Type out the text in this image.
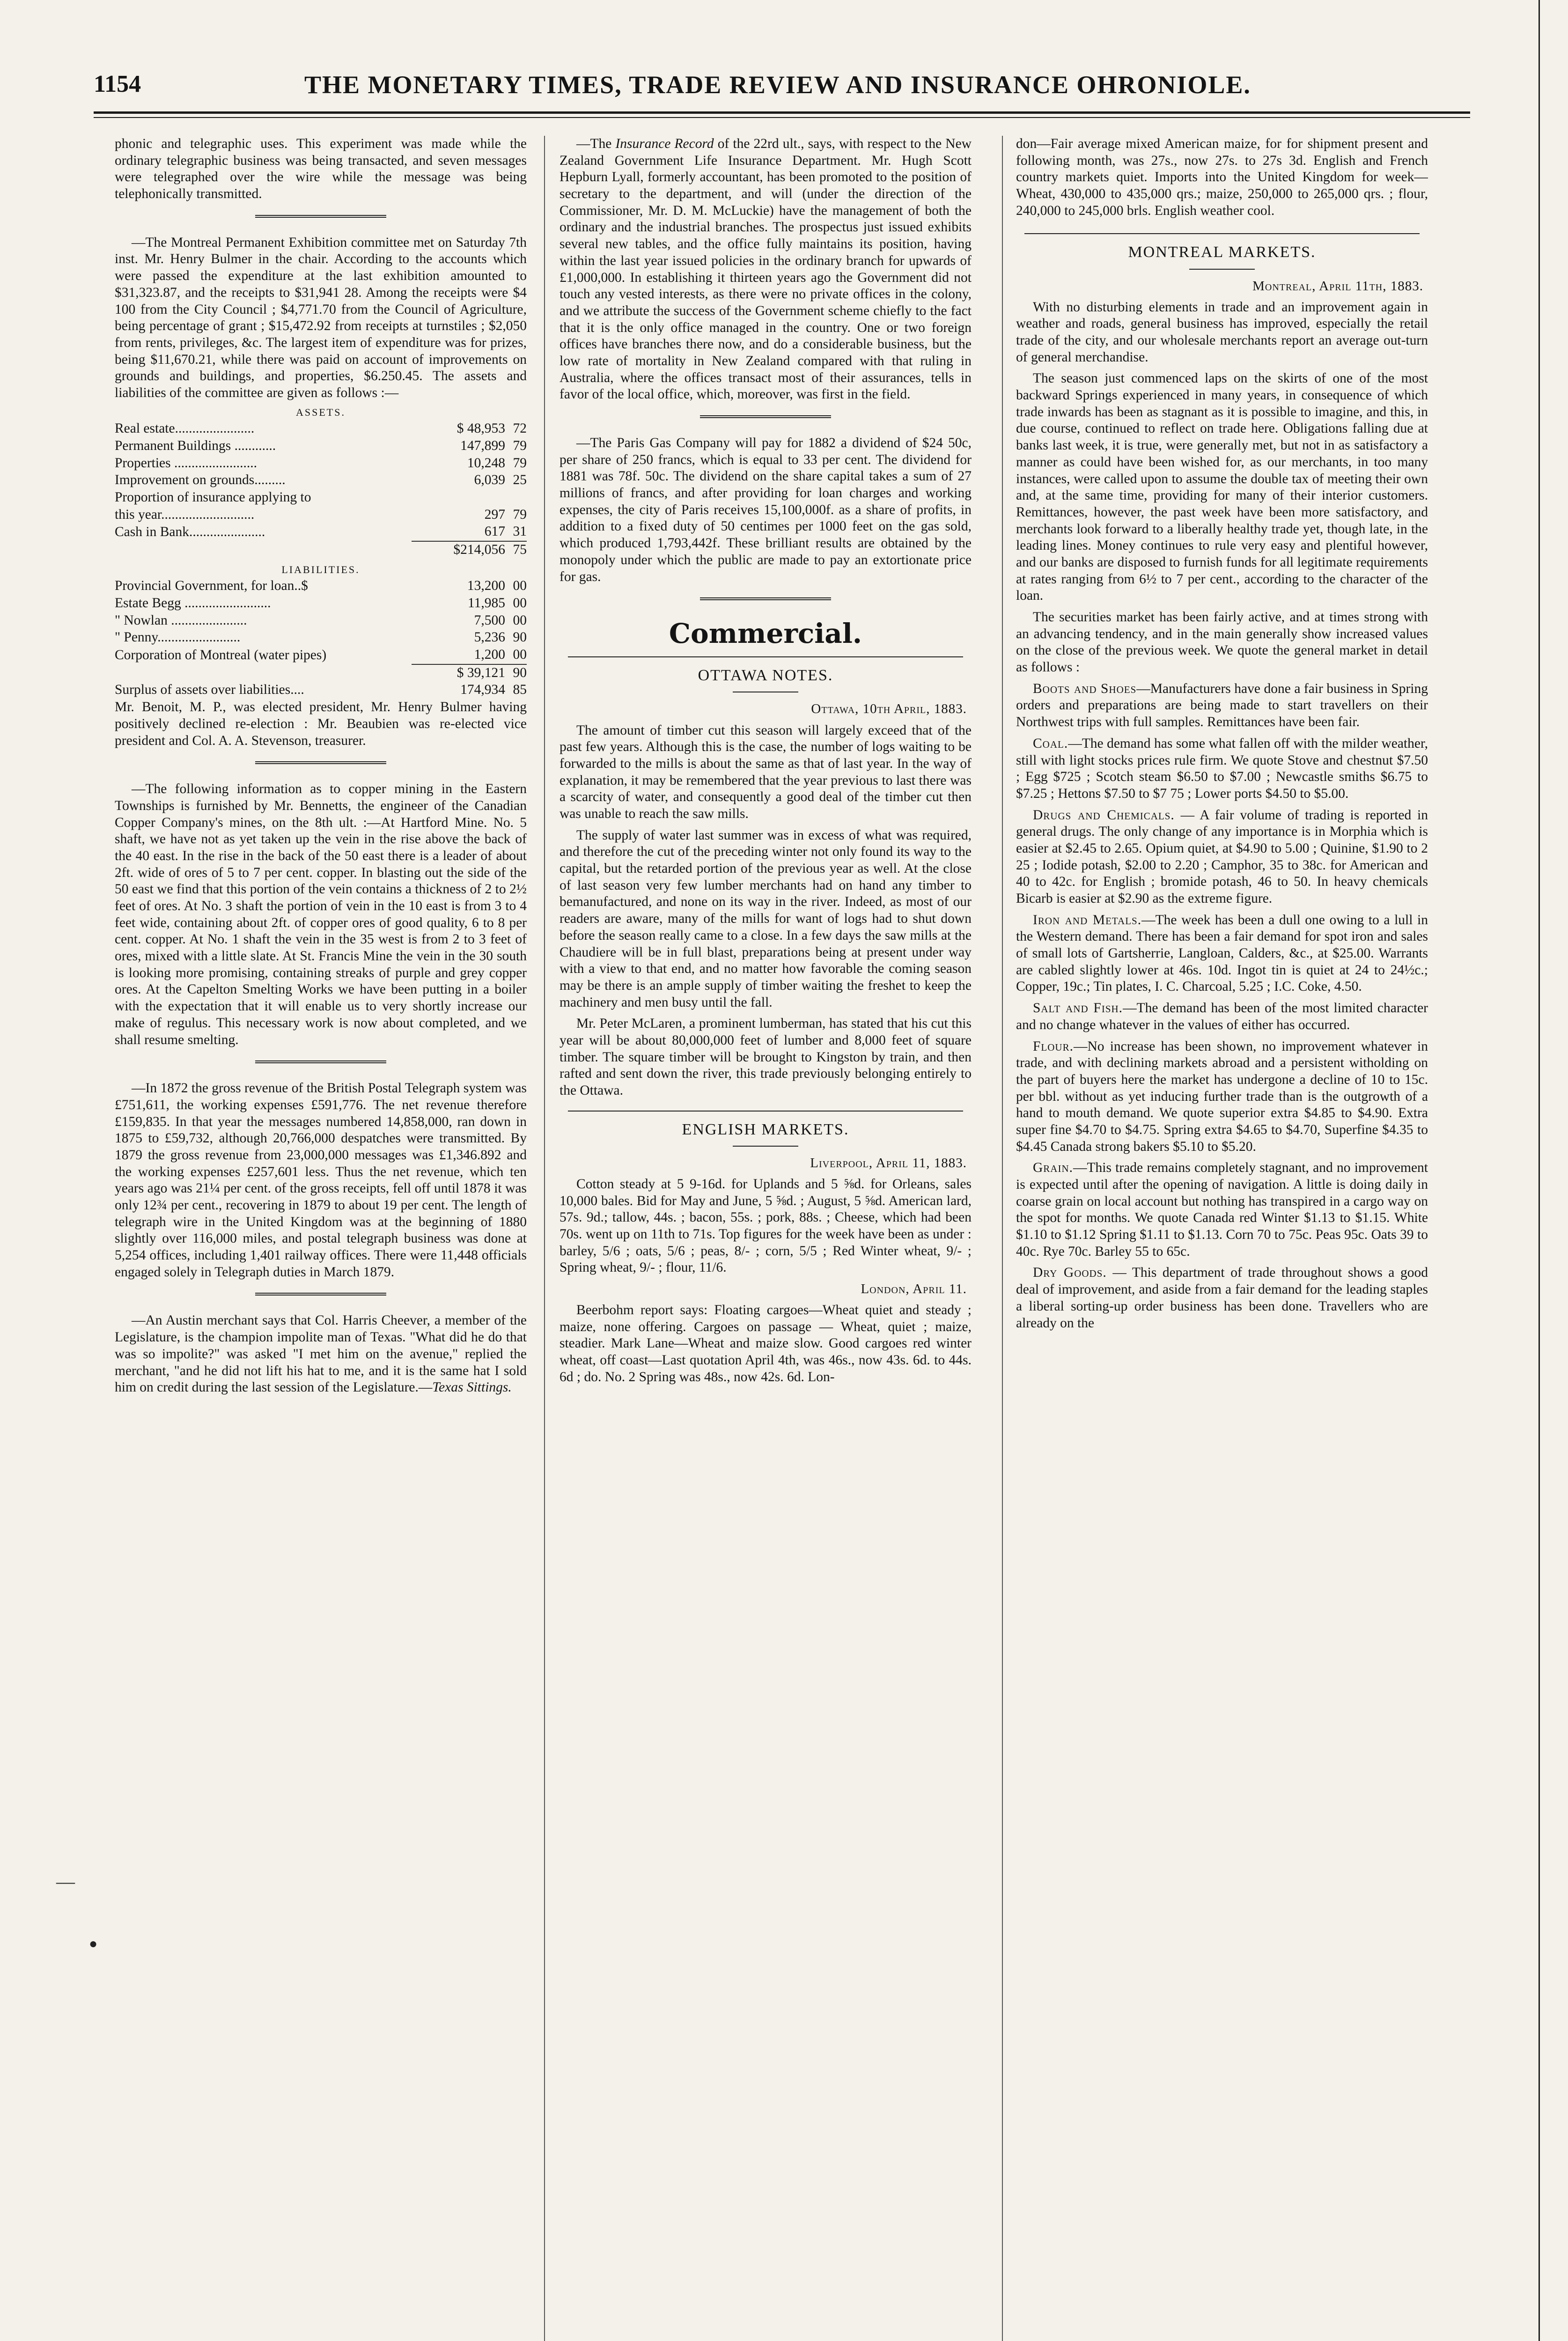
1154	THE MONETARY TIMES, TRADE REVIEW AND INSURANCE OHRONIOLE.

phonic and telegraphic uses. This experiment was made while the ordinary telegraphic business was being transacted, and seven messages were telegraphed over the wire while the message was being telephonically transmitted.

—The Montreal Permanent Exhibition committee met on Saturday 7th inst. Mr. Henry Bulmer in the chair. According to the accounts which were passed the expenditure at the last exhibition amounted to $31,323.87, and the receipts to $31,941 28. Among the receipts were $4 100 from the City Council ; $4,771.70 from the Council of Agriculture, being percentage of grant ; $15,472.92 from receipts at turnstiles ; $2,050 from rents, privileges, &c. The largest item of expenditure was for prizes, being $11,670.21, while there was paid on account of improvements on grounds and buildings, and properties, $6.250.45. The assets and liabilities of the committee are given as follows :—

ASSETS.
Real estate.......................	$ 48,953	72
Permanent Buildings ............	147,899	79
Properties ........................	10,248	79
Improvement on grounds.........	6,039	25
Proportion of insurance applying to		
this year...........................	297	79
Cash in Bank......................	617	31
	$214,056	75
LIABILITIES.
Provincial Government, for loan..$	13,200	00
Estate Begg .........................	11,985	00
" Nowlan ......................	7,500	00
" Penny........................	5,236	90
Corporation of Montreal (water pipes)	1,200	00
	$ 39,121	90
Surplus of assets over liabilities....	174,934	85

Mr. Benoit, M. P., was elected president, Mr. Henry Bulmer having positively declined re-election : Mr. Beaubien was re-elected vice president and Col. A. A. Stevenson, treasurer.

—The following information as to copper mining in the Eastern Townships is furnished by Mr. Bennetts, the engineer of the Canadian Copper Company's mines, on the 8th ult. :—At Hartford Mine. No. 5 shaft, we have not as yet taken up the vein in the rise above the back of the 40 east. In the rise in the back of the 50 east there is a leader of about 2ft. wide of ores of 5 to 7 per cent. copper. In blasting out the side of the 50 east we find that this portion of the vein contains a thickness of 2 to 2½ feet of ores. At No. 3 shaft the portion of vein in the 10 east is from 3 to 4 feet wide, containing about 2ft. of copper ores of good quality, 6 to 8 per cent. copper. At No. 1 shaft the vein in the 35 west is from 2 to 3 feet of ores, mixed with a little slate. At St. Francis Mine the vein in the 30 south is looking more promising, containing streaks of purple and grey copper ores. At the Capelton Smelting Works we have been putting in a boiler with the expectation that it will enable us to very shortly increase our make of regulus. This necessary work is now about completed, and we shall resume smelting.

—In 1872 the gross revenue of the British Postal Telegraph system was £751,611, the working expenses £591,776. The net revenue therefore £159,835. In that year the messages numbered 14,858,000, ran down in 1875 to £59,732, although 20,766,000 despatches were transmitted. By 1879 the gross revenue from 23,000,000 messages was £1,346.892 and the working expenses £257,601 less. Thus the net revenue, which ten years ago was 21¼ per cent. of the gross receipts, fell off until 1878 it was only 12¾ per cent., recovering in 1879 to about 19 per cent. The length of telegraph wire in the United Kingdom was at the beginning of 1880 slightly over 116,000 miles, and postal telegraph business was done at 5,254 offices, including 1,401 railway offices. There were 11,448 officials engaged solely in Telegraph duties in March 1879.

—An Austin merchant says that Col. Harris Cheever, a member of the Legislature, is the champion impolite man of Texas. "What did he do that was so impolite?" was asked "I met him on the avenue," replied the merchant, "and he did not lift his hat to me, and it is the same hat I sold him on credit during the last session of the Legislature.—Texas Sittings.

—The Insurance Record of the 22rd ult., says, with respect to the New Zealand Government Life Insurance Department. Mr. Hugh Scott Hepburn Lyall, formerly accountant, has been promoted to the position of secretary to the department, and will (under the direction of the Commissioner, Mr. D. M. McLuckie) have the management of both the ordinary and the industrial branches. The prospectus just issued exhibits several new tables, and the office fully maintains its position, having within the last year issued policies in the ordinary branch for upwards of £1,000,000. In establishing it thirteen years ago the Government did not touch any vested interests, as there were no private offices in the colony, and we attribute the success of the Government scheme chiefly to the fact that it is the only office managed in the country. One or two foreign offices have branches there now, and do a considerable business, but the low rate of mortality in New Zealand compared with that ruling in Australia, where the offices transact most of their assurances, tells in favor of the local office, which, moreover, was first in the field.

—The Paris Gas Company will pay for 1882 a dividend of $24 50c, per share of 250 francs, which is equal to 33 per cent. The dividend for 1881 was 78f. 50c. The dividend on the share capital takes a sum of 27 millions of francs, and after providing for loan charges and working expenses, the city of Paris receives 15,100,000f. as a share of profits, in addition to a fixed duty of 50 centimes per 1000 feet on the gas sold, which produced 1,793,442f. These brilliant results are obtained by the monopoly under which the public are made to pay an extortionate price for gas.

Commercial.
OTTAWA NOTES.
Ottawa, 10th April, 1883.

The amount of timber cut this season will largely exceed that of the past few years. Although this is the case, the number of logs waiting to be forwarded to the mills is about the same as that of last year. In the way of explanation, it may be remembered that the year previous to last there was a scarcity of water, and consequently a good deal of the timber cut then was unable to reach the saw mills.

The supply of water last summer was in excess of what was required, and therefore the cut of the preceding winter not only found its way to the capital, but the retarded portion of the previous year as well. At the close of last season very few lumber merchants had on hand any timber to bemanufactured, and none on its way in the river. Indeed, as most of our readers are aware, many of the mills for want of logs had to shut down before the season really came to a close. In a few days the saw mills at the Chaudiere will be in full blast, preparations being at present under way with a view to that end, and no matter how favorable the coming season may be there is an ample supply of timber waiting the freshet to keep the machinery and men busy until the fall.

Mr. Peter McLaren, a prominent lumberman, has stated that his cut this year will be about 80,000,000 feet of lumber and 8,000 feet of square timber. The square timber will be brought to Kingston by train, and then rafted and sent down the river, this trade previously belonging entirely to the Ottawa.

ENGLISH MARKETS.
Liverpool, April 11, 1883.

Cotton steady at 5 9-16d. for Uplands and 5 ⅝d. for Orleans, sales 10,000 bales. Bid for May and June, 5 ⅝d. ; August, 5 ⅝d. American lard, 57s. 9d.; tallow, 44s. ; bacon, 55s. ; pork, 88s. ; Cheese, which had been 70s. went up on 11th to 71s. Top figures for the week have been as under : barley, 5/6 ; oats, 5/6 ; peas, 8/- ; corn, 5/5 ; Red Winter wheat, 9/- ; Spring wheat, 9/- ; flour, 11/6.

London, April 11.

Beerbohm report says: Floating cargoes—Wheat quiet and steady ; maize, none offering. Cargoes on passage — Wheat, quiet ; maize, steadier. Mark Lane—Wheat and maize slow. Good cargoes red winter wheat, off coast—Last quotation April 4th, was 46s., now 43s. 6d. to 44s. 6d ; do. No. 2 Spring was 48s., now 42s. 6d. Lon-

don—Fair average mixed American maize, for for shipment present and following month, was 27s., now 27s. to 27s 3d. English and French country markets quiet. Imports into the United Kingdom for week— Wheat, 430,000 to 435,000 qrs.; maize, 250,000 to 265,000 qrs. ; flour, 240,000 to 245,000 brls. English weather cool.

MONTREAL MARKETS.
Montreal, April 11th, 1883.

With no disturbing elements in trade and an improvement again in weather and roads, general business has improved, especially the retail trade of the city, and our wholesale merchants report an average out-turn of general merchandise.

The season just commenced laps on the skirts of one of the most backward Springs experienced in many years, in consequence of which trade inwards has been as stagnant as it is possible to imagine, and this, in due course, continued to reflect on trade here. Obligations falling due at banks last week, it is true, were generally met, but not in as satisfactory a manner as could have been wished for, as our merchants, in too many instances, were called upon to assume the double tax of meeting their own and, at the same time, providing for many of their interior customers. Remittances, however, the past week have been more satisfactory, and merchants look forward to a liberally healthy trade yet, though late, in the leading lines. Money continues to rule very easy and plentiful however, and our banks are disposed to furnish funds for all legitimate requirements at rates ranging from 6½ to 7 per cent., according to the character of the loan.

The securities market has been fairly active, and at times strong with an advancing tendency, and in the main generally show increased values on the close of the previous week. We quote the general market in detail as follows :

Boots and Shoes—Manufacturers have done a fair business in Spring orders and preparations are being made to start travellers on their Northwest trips with full samples. Remittances have been fair.

Coal.—The demand has some what fallen off with the milder weather, still with light stocks prices rule firm. We quote Stove and chestnut $7.50 ; Egg $725 ; Scotch steam $6.50 to $7.00 ; Newcastle smiths $6.75 to $7.25 ; Hettons $7.50 to $7 75 ; Lower ports $4.50 to $5.00.

Drugs and Chemicals. — A fair volume of trading is reported in general drugs. The only change of any importance is in Morphia which is easier at $2.45 to 2.65. Opium quiet, at $4.90 to 5.00 ; Quinine, $1.90 to 2 25 ; Iodide potash, $2.00 to 2.20 ; Camphor, 35 to 38c. for American and 40 to 42c. for English ; bromide potash, 46 to 50. In heavy chemicals Bicarb is easier at $2.90 as the extreme figure.

Iron and Metals.—The week has been a dull one owing to a lull in the Western demand. There has been a fair demand for spot iron and sales of small lots of Gartsherrie, Langloan, Calders, &c., at $25.00. Warrants are cabled slightly lower at 46s. 10d. Ingot tin is quiet at 24 to 24½c.; Copper, 19c.; Tin plates, I. C. Charcoal, 5.25 ; I.C. Coke, 4.50.

Salt and Fish.—The demand has been of the most limited character and no change whatever in the values of either has occurred.

Flour.—No increase has been shown, no improvement whatever in trade, and with declining markets abroad and a persistent witholding on the part of buyers here the market has undergone a decline of 10 to 15c. per bbl. without as yet inducing further trade than is the outgrowth of a hand to mouth demand. We quote superior extra $4.85 to $4.90. Extra super fine $4.70 to $4.75. Spring extra $4.65 to $4.70, Superfine $4.35 to $4.45 Canada strong bakers $5.10 to $5.20.

Grain.—This trade remains completely stagnant, and no improvement is expected until after the opening of navigation. A little is doing daily in coarse grain on local account but nothing has transpired in a cargo way on the spot for months. We quote Canada red Winter $1.13 to $1.15. White $1.10 to $1.12 Spring $1.11 to $1.13. Corn 70 to 75c. Peas 95c. Oats 39 to 40c. Rye 70c. Barley 55 to 65c.

Dry Goods. — This department of trade throughout shows a good deal of improvement, and aside from a fair demand for the leading staples a liberal sorting-up order business has been done. Travellers who are already on the

—
●
